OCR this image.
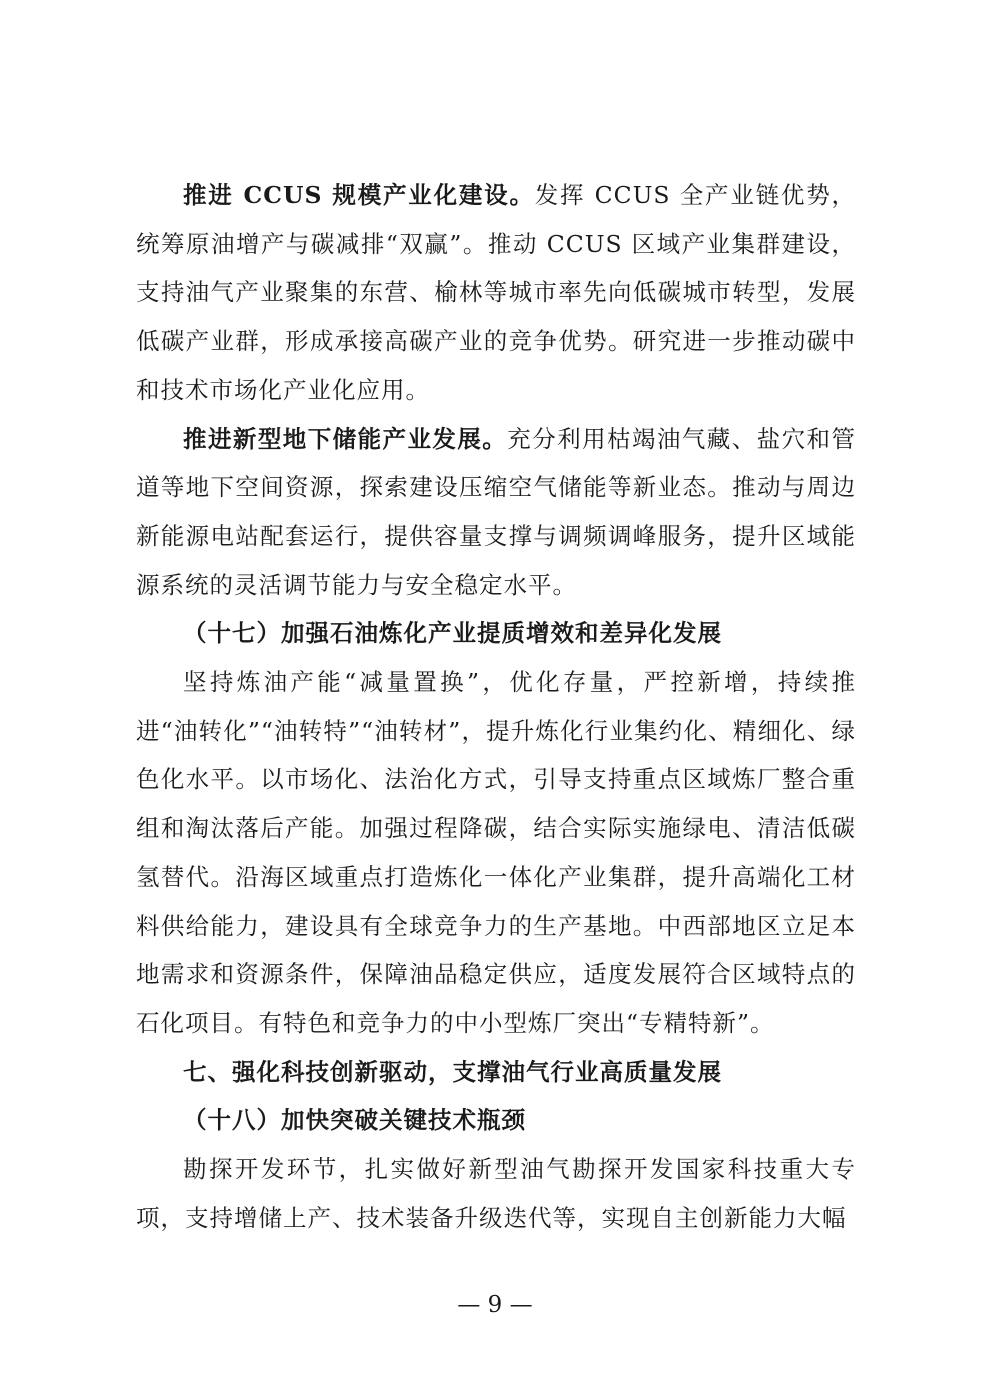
推进 CCUS 规模产业化建设。发挥 CCUS 全产业链优势，统筹原油增产与碳减排“双赢”。推动 CCUS 区域产业集群建设，支持油气产业聚集的东营、榆林等城市率先向低碳城市转型，发展低碳产业群，形成承接高碳产业的竞争优势。研究进一步推动碳中和技术市场化产业化应用。

推进新型地下储能产业发展。充分利用枯竭油气藏、盐穴和管道等地下空间资源，探索建设压缩空气储能等新业态。推动与周边新能源电站配套运行，提供容量支撑与调频调峰服务，提升区域能源系统的灵活调节能力与安全稳定水平。

（十七）加强石油炼化产业提质增效和差异化发展

坚持炼油产能“减量置换”，优化存量，严控新增，持续推进“油转化”“油转特”“油转材”，提升炼化行业集约化、精细化、绿色化水平。以市场化、法治化方式，引导支持重点区域炼厂整合重组和淘汰落后产能。加强过程降碳，结合实际实施绿电、清洁低碳氢替代。沿海区域重点打造炼化一体化产业集群，提升高端化工材料供给能力，建设具有全球竞争力的生产基地。中西部地区立足本地需求和资源条件，保障油品稳定供应，适度发展符合区域特点的石化项目。有特色和竞争力的中小型炼厂突出“专精特新”。

七、强化科技创新驱动，支撑油气行业高质量发展

（十八）加快突破关键技术瓶颈

勘探开发环节，扎实做好新型油气勘探开发国家科技重大专项，支持增储上产、技术装备升级迭代等，实现自主创新能力大幅

— 9 —
